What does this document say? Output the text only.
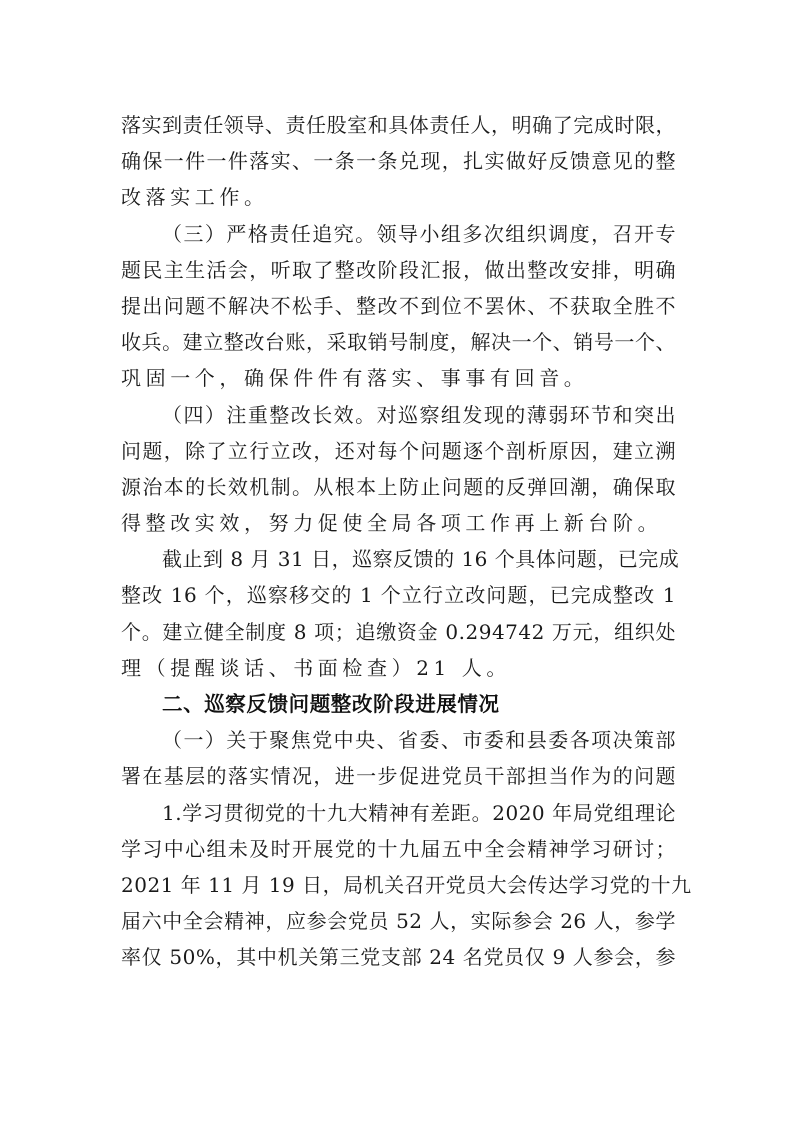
落实到责任领导、责任股室和具体责任人，明确了完成时限，
确保一件一件落实、一条一条兑现，扎实做好反馈意见的整
改落实工作。
（三）严格责任追究。领导小组多次组织调度，召开专
题民主生活会，听取了整改阶段汇报，做出整改安排，明确
提出问题不解决不松手、整改不到位不罢休、不获取全胜不
收兵。建立整改台账，采取销号制度，解决一个、销号一个、
巩固一个，确保件件有落实、事事有回音。
（四）注重整改长效。对巡察组发现的薄弱环节和突出
问题，除了立行立改，还对每个问题逐个剖析原因，建立溯
源治本的长效机制。从根本上防止问题的反弹回潮，确保取
得整改实效，努力促使全局各项工作再上新台阶。
截止到 8 月 31 日，巡察反馈的 16 个具体问题，已完成
整改 16 个，巡察移交的 1 个立行立改问题，已完成整改 1
个。建立健全制度 8 项；追缴资金 0.294742 万元，组织处
理（提醒谈话、书面检查）21 人。
二、巡察反馈问题整改阶段进展情况
（一）关于聚焦党中央、省委、市委和县委各项决策部
署在基层的落实情况，进一步促进党员干部担当作为的问题
1.学习贯彻党的十九大精神有差距。2020 年局党组理论
学习中心组未及时开展党的十九届五中全会精神学习研讨；
2021 年 11 月 19 日，局机关召开党员大会传达学习党的十九
届六中全会精神，应参会党员 52 人，实际参会 26 人，参学
率仅 50%，其中机关第三党支部 24 名党员仅 9 人参会，参
